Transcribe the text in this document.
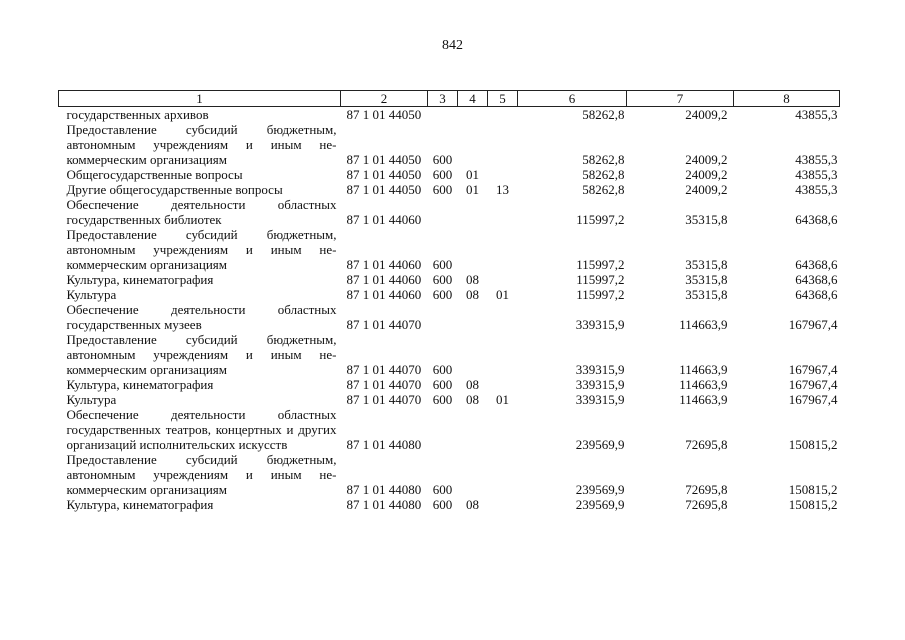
842
1	2	3	4	5	6	7	8
государственных архивов	87 1 01 44050				58262,8	24009,2	43855,3
Предоставление субсидий бюджетным, автономным учреждениям и иным не-коммерческим организациям	87 1 01 44050	600			58262,8	24009,2	43855,3
Общегосударственные вопросы	87 1 01 44050	600	01		58262,8	24009,2	43855,3
Другие общегосударственные вопросы	87 1 01 44050	600	01	13	58262,8	24009,2	43855,3
Обеспечение деятельности областных государственных библиотек	87 1 01 44060				115997,2	35315,8	64368,6
Предоставление субсидий бюджетным, автономным учреждениям и иным не-коммерческим организациям	87 1 01 44060	600			115997,2	35315,8	64368,6
Культура, кинематография	87 1 01 44060	600	08		115997,2	35315,8	64368,6
Культура	87 1 01 44060	600	08	01	115997,2	35315,8	64368,6
Обеспечение деятельности областных государственных музеев	87 1 01 44070				339315,9	114663,9	167967,4
Предоставление субсидий бюджетным, автономным учреждениям и иным не-коммерческим организациям	87 1 01 44070	600			339315,9	114663,9	167967,4
Культура, кинематография	87 1 01 44070	600	08		339315,9	114663,9	167967,4
Культура	87 1 01 44070	600	08	01	339315,9	114663,9	167967,4
Обеспечение деятельности областных государственных театров, концертных и других организаций исполнительских искусств	87 1 01 44080				239569,9	72695,8	150815,2
Предоставление субсидий бюджетным, автономным учреждениям и иным не-коммерческим организациям	87 1 01 44080	600			239569,9	72695,8	150815,2
Культура, кинематография	87 1 01 44080	600	08		239569,9	72695,8	150815,2
